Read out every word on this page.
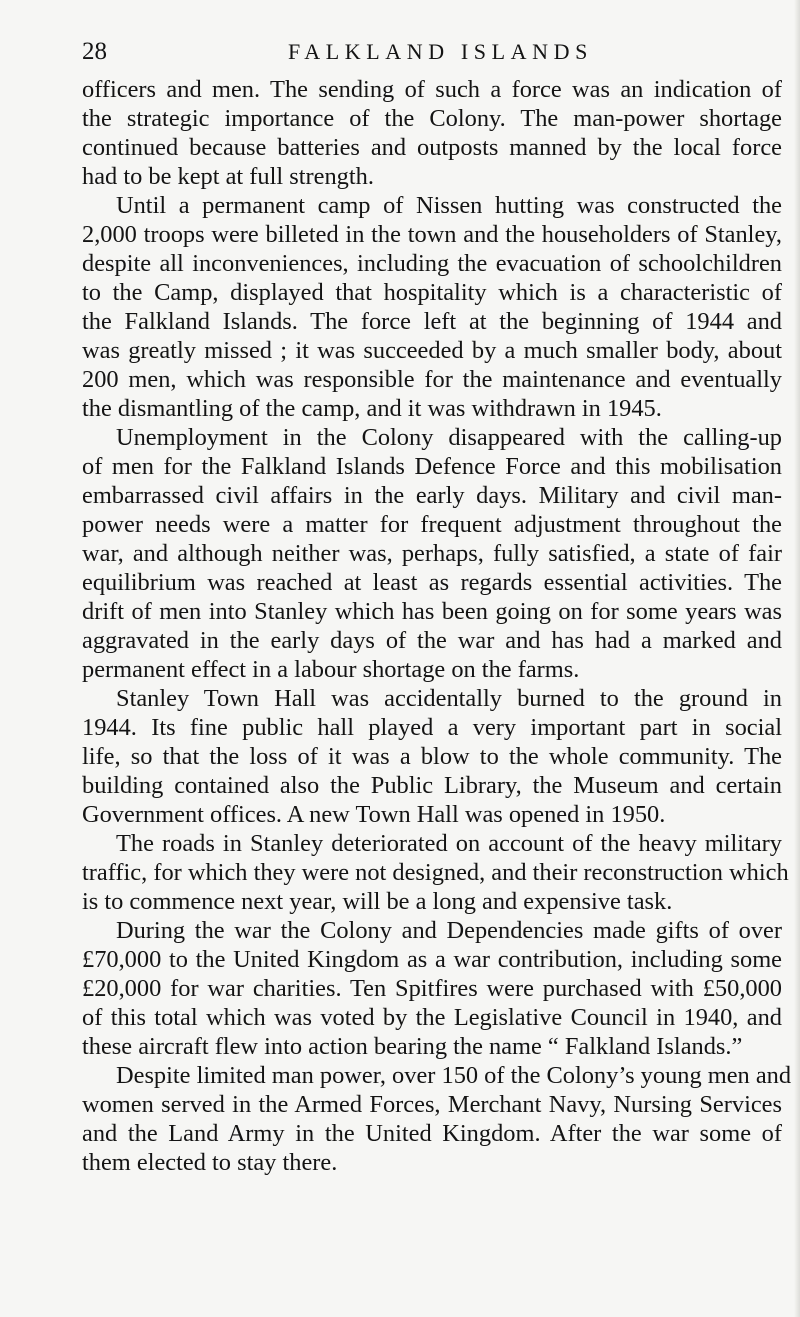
28	FALKLAND ISLANDS
officers and men. The sending of such a force was an indication of
the strategic importance of the Colony. The man-power shortage
continued because batteries and outposts manned by the local force
had to be kept at full strength.
Until a permanent camp of Nissen hutting was constructed the
2,000 troops were billeted in the town and the householders of Stanley,
despite all inconveniences, including the evacuation of schoolchildren
to the Camp, displayed that hospitality which is a characteristic of
the Falkland Islands. The force left at the beginning of 1944 and
was greatly missed ; it was succeeded by a much smaller body, about
200 men, which was responsible for the maintenance and eventually
the dismantling of the camp, and it was withdrawn in 1945.
Unemployment in the Colony disappeared with the calling-up
of men for the Falkland Islands Defence Force and this mobilisation
embarrassed civil affairs in the early days. Military and civil man-
power needs were a matter for frequent adjustment throughout the
war, and although neither was, perhaps, fully satisfied, a state of fair
equilibrium was reached at least as regards essential activities. The
drift of men into Stanley which has been going on for some years was
aggravated in the early days of the war and has had a marked and
permanent effect in a labour shortage on the farms.
Stanley Town Hall was accidentally burned to the ground in
1944. Its fine public hall played a very important part in social
life, so that the loss of it was a blow to the whole community. The
building contained also the Public Library, the Museum and certain
Government offices. A new Town Hall was opened in 1950.
The roads in Stanley deteriorated on account of the heavy military
traffic, for which they were not designed, and their reconstruction which
is to commence next year, will be a long and expensive task.
During the war the Colony and Dependencies made gifts of over
£70,000 to the United Kingdom as a war contribution, including some
£20,000 for war charities. Ten Spitfires were purchased with £50,000
of this total which was voted by the Legislative Council in 1940, and
these aircraft flew into action bearing the name “ Falkland Islands.”
Despite limited man power, over 150 of the Colony’s young men and
women served in the Armed Forces, Merchant Navy, Nursing Services
and the Land Army in the United Kingdom. After the war some of
them elected to stay there.
